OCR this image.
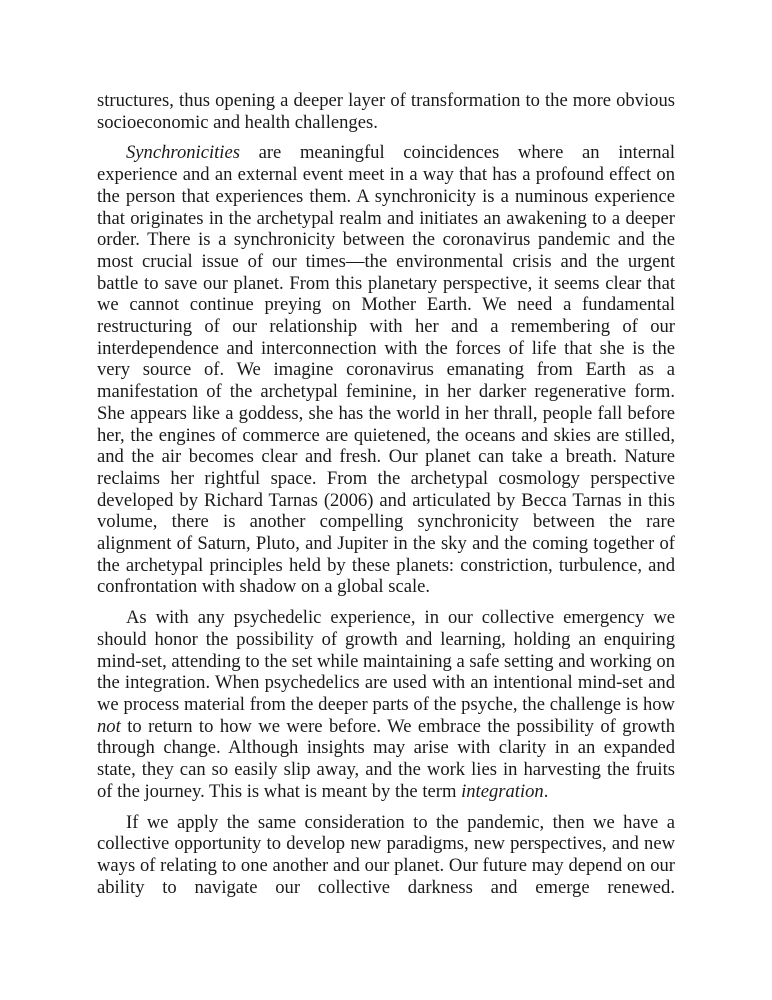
structures, thus opening a deeper layer of transformation to the more obvious socioeconomic and health challenges.

Synchronicities are meaningful coincidences where an internal experience and an external event meet in a way that has a profound effect on the person that experiences them. A synchronicity is a numinous experience that originates in the archetypal realm and initiates an awakening to a deeper order. There is a synchronicity between the coronavirus pandemic and the most crucial issue of our times—the environmental crisis and the urgent battle to save our planet. From this planetary perspective, it seems clear that we cannot continue preying on Mother Earth. We need a fundamental restructuring of our relationship with her and a remembering of our interdependence and interconnection with the forces of life that she is the very source of. We imagine coronavirus emanating from Earth as a manifestation of the archetypal feminine, in her darker regenerative form. She appears like a goddess, she has the world in her thrall, people fall before her, the engines of commerce are quietened, the oceans and skies are stilled, and the air becomes clear and fresh. Our planet can take a breath. Nature reclaims her rightful space. From the archetypal cosmology perspective developed by Richard Tarnas (2006) and articulated by Becca Tarnas in this volume, there is another compelling synchronicity between the rare alignment of Saturn, Pluto, and Jupiter in the sky and the coming together of the archetypal principles held by these planets: constriction, turbulence, and confrontation with shadow on a global scale.

As with any psychedelic experience, in our collective emergency we should honor the possibility of growth and learning, holding an enquiring mind-set, attending to the set while maintaining a safe setting and working on the integration. When psychedelics are used with an intentional mind-set and we process material from the deeper parts of the psyche, the challenge is how not to return to how we were before. We embrace the possibility of growth through change. Although insights may arise with clarity in an expanded state, they can so easily slip away, and the work lies in harvesting the fruits of the journey. This is what is meant by the term integration.

If we apply the same consideration to the pandemic, then we have a collective opportunity to develop new paradigms, new perspectives, and new ways of relating to one another and our planet. Our future may depend on our ability to navigate our collective darkness and emerge renewed.
